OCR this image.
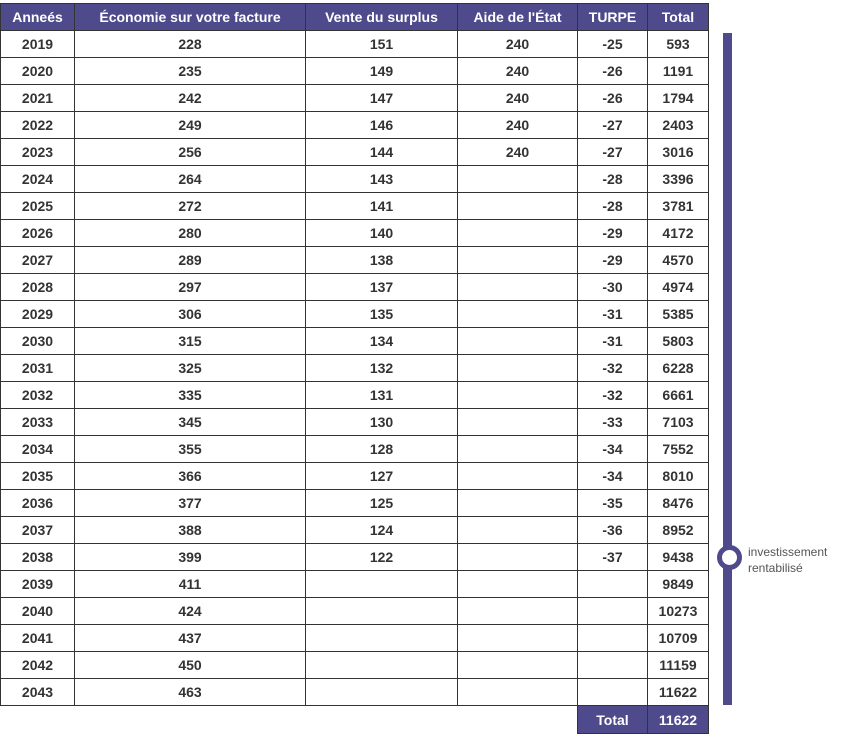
Anneés	Économie sur votre facture	Vente du surplus	Aide de l'État	TURPE	Total
2019	228	151	240	-25	593
2020	235	149	240	-26	1191
2021	242	147	240	-26	1794
2022	249	146	240	-27	2403
2023	256	144	240	-27	3016
2024	264	143		-28	3396
2025	272	141		-28	3781
2026	280	140		-29	4172
2027	289	138		-29	4570
2028	297	137		-30	4974
2029	306	135		-31	5385
2030	315	134		-31	5803
2031	325	132		-32	6228
2032	335	131		-32	6661
2033	345	130		-33	7103
2034	355	128		-34	7552
2035	366	127		-34	8010
2036	377	125		-35	8476
2037	388	124		-36	8952
2038	399	122		-37	9438
2039	411				9849
2040	424				10273
2041	437				10709
2042	450				11159
2043	463				11622
				Total	11622
investissement
rentabilisé
